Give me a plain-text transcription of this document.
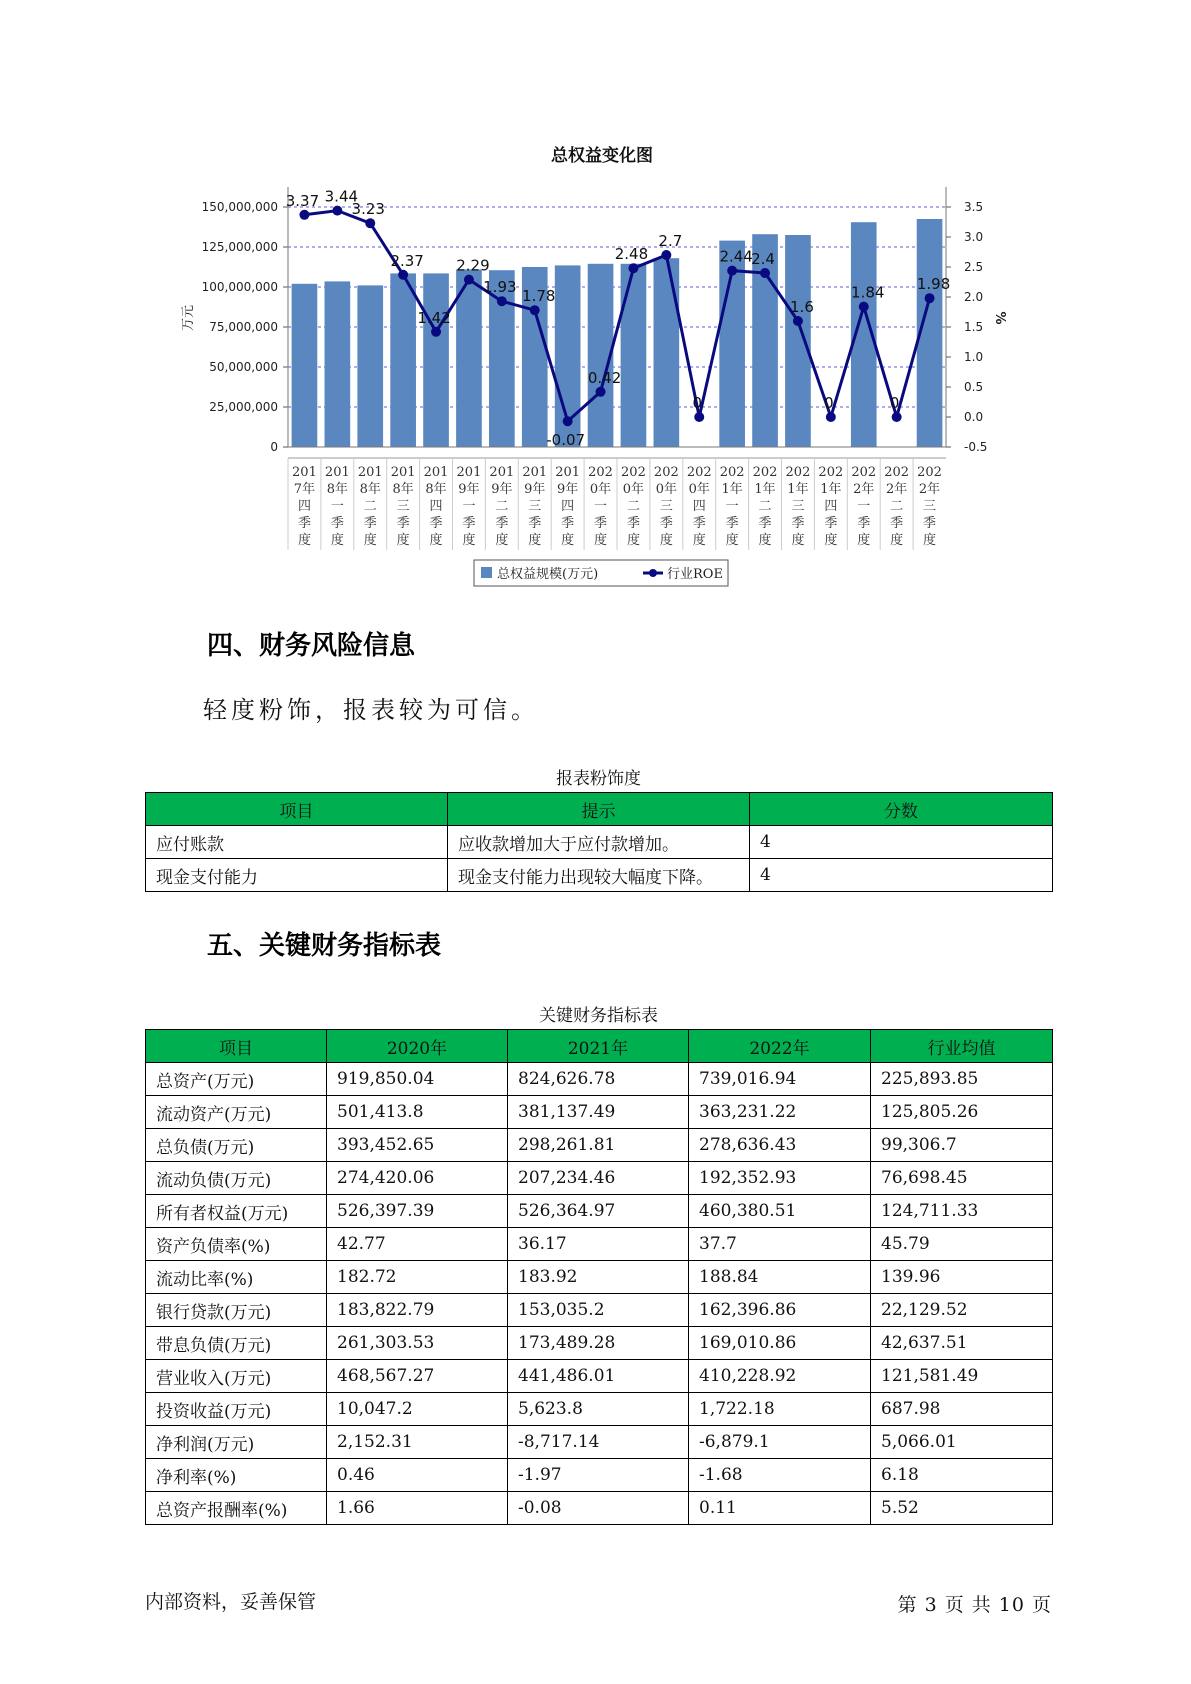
总权益变化图
0
25,000,000
50,000,000
75,000,000
100,000,000
125,000,000
150,000,000
-0.5
0.0
0.5
1.0
1.5
2.0
2.5
3.0
3.5
万元	%
201
7年
四
季
度
201
8年
一
季
度
201
8年
二
季
度
201
8年
三
季
度
201
8年
四
季
度
201
9年
一
季
度
201
9年
二
季
度
201
9年
三
季
度
201
9年
四
季
度
202
0年
一
季
度
202
0年
二
季
度
202
0年
三
季
度
202
0年
四
季
度
202
1年
一
季
度
202
1年
二
季
度
202
1年
三
季
度
202
1年
四
季
度
202
2年
一
季
度
202
2年
二
季
度
202
2年
三
季
度
3.37 3.44
3.23
2.37
1.42
2.29
1.93 1.78
-0.07
0.42
2.48
2.7
0
2.44
2.4
1.6
0
1.84
0
1.98
总权益规模(万元)	行业ROE
四、财务风险信息

轻度粉饰，报表较为可信。

报表粉饰度
项目	提示	分数
应付账款	应收款增加大于应付款增加。	4
现金支付能力	现金支付能力出现较大幅度下降。	4
五、关键财务指标表
关键财务指标表
项目	2020年	2021年	2022年	行业均值
总资产(万元)	919,850.04	824,626.78	739,016.94	225,893.85
流动资产(万元)	501,413.8	381,137.49	363,231.22	125,805.26
总负债(万元)	393,452.65	298,261.81	278,636.43	99,306.7
流动负债(万元)	274,420.06	207,234.46	192,352.93	76,698.45
所有者权益(万元)	526,397.39	526,364.97	460,380.51	124,711.33
资产负债率(%)	42.77	36.17	37.7	45.79
流动比率(%)	182.72	183.92	188.84	139.96
银行贷款(万元)	183,822.79	153,035.2	162,396.86	22,129.52
带息负债(万元)	261,303.53	173,489.28	169,010.86	42,637.51
营业收入(万元)	468,567.27	441,486.01	410,228.92	121,581.49
投资收益(万元)	10,047.2	5,623.8	1,722.18	687.98
净利润(万元)	2,152.31	-8,717.14	-6,879.1	5,066.01
净利率(%)	0.46	-1.97	-1.68	6.18
总资产报酬率(%)	1.66	-0.08	0.11	5.52
内部资料，妥善保管	第 3 页 共 10 页
